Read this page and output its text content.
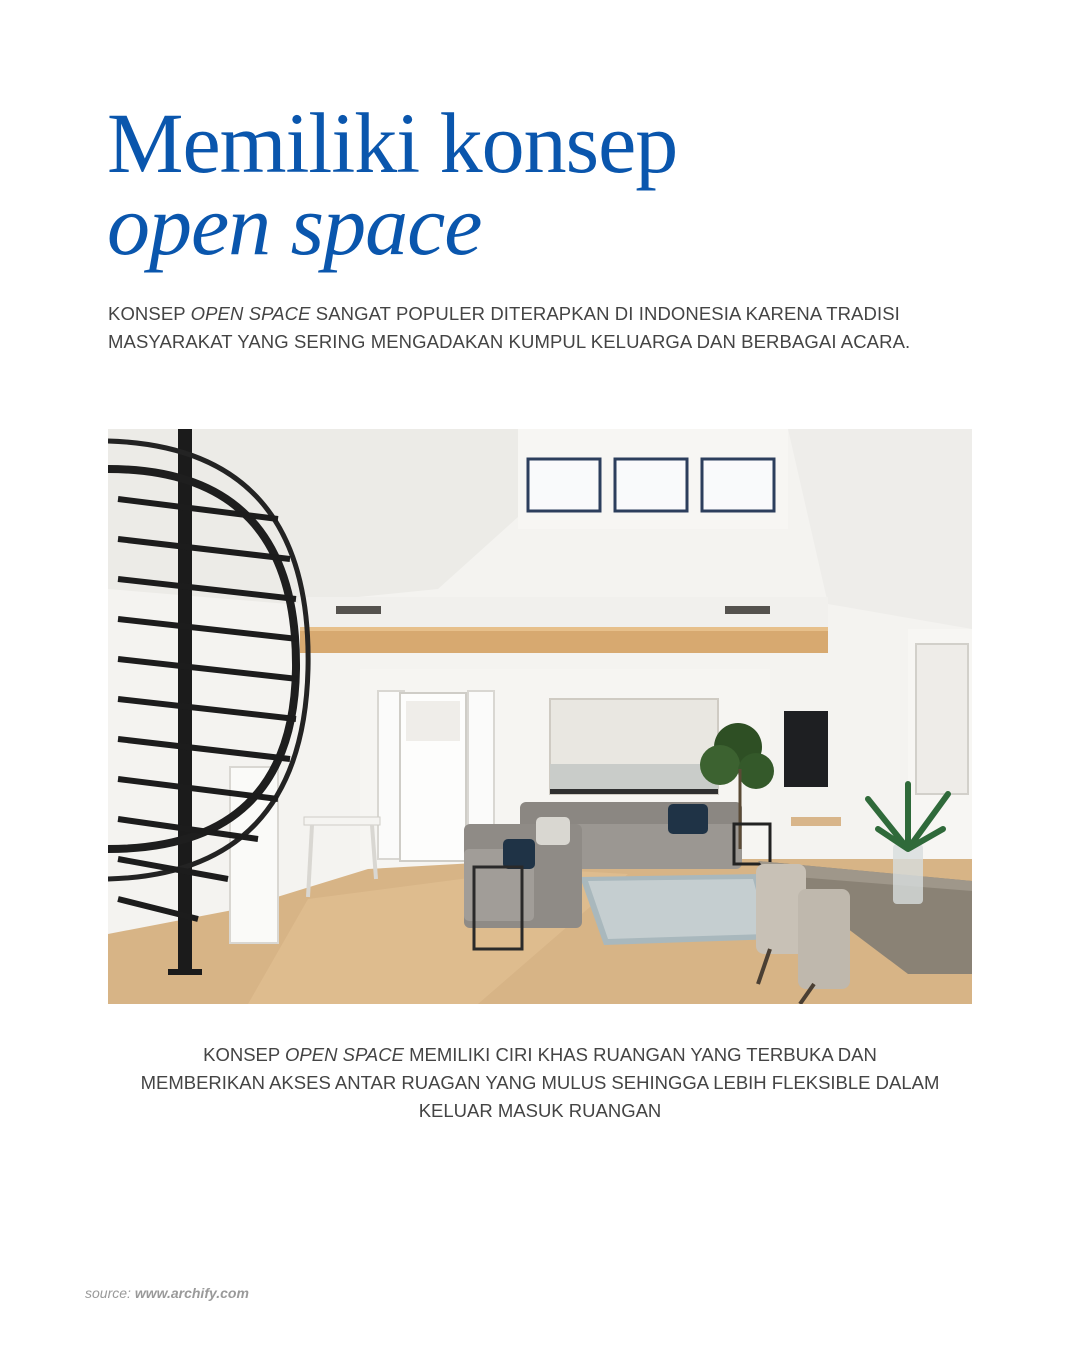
Memiliki konsep
open space

KONSEP OPEN SPACE SANGAT POPULER DITERAPKAN DI INDONESIA KARENA TRADISI MASYARAKAT YANG SERING MENGADAKAN KUMPUL KELUARGA DAN BERBAGAI ACARA.

KONSEP OPEN SPACE MEMILIKI CIRI KHAS RUANGAN YANG TERBUKA DAN MEMBERIKAN AKSES ANTAR RUAGAN YANG MULUS SEHINGGA LEBIH FLEKSIBLE DALAM KELUAR MASUK RUANGAN

source: www.archify.com
